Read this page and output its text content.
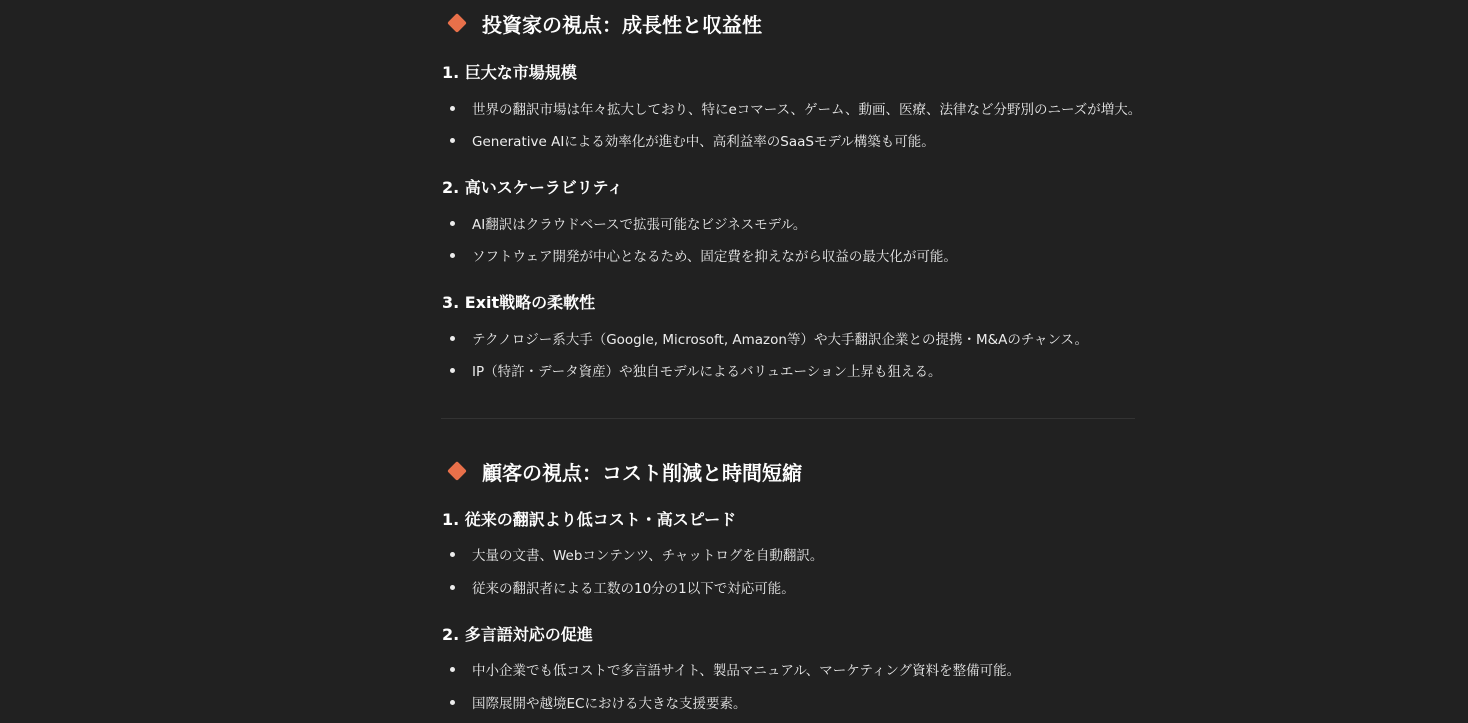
投資家の視点：成長性と収益性
1. 巨大な市場規模
世界の翻訳市場は年々拡大しており、特にeコマース、ゲーム、動画、医療、法律など分野別のニーズが増大。
Generative AIによる効率化が進む中、高利益率のSaaSモデル構築も可能。
2. 高いスケーラビリティ
AI翻訳はクラウドベースで拡張可能なビジネスモデル。
ソフトウェア開発が中心となるため、固定費を抑えながら収益の最大化が可能。
3. Exit戦略の柔軟性
テクノロジー系大手（Google, Microsoft, Amazon等）や大手翻訳企業との提携・M&Aのチャンス。
IP（特許・データ資産）や独自モデルによるバリュエーション上昇も狙える。
顧客の視点：コスト削減と時間短縮
1. 従来の翻訳より低コスト・高スピード
大量の文書、Webコンテンツ、チャットログを自動翻訳。
従来の翻訳者による工数の10分の1以下で対応可能。
2. 多言語対応の促進
中小企業でも低コストで多言語サイト、製品マニュアル、マーケティング資料を整備可能。
国際展開や越境ECにおける大きな支援要素。
